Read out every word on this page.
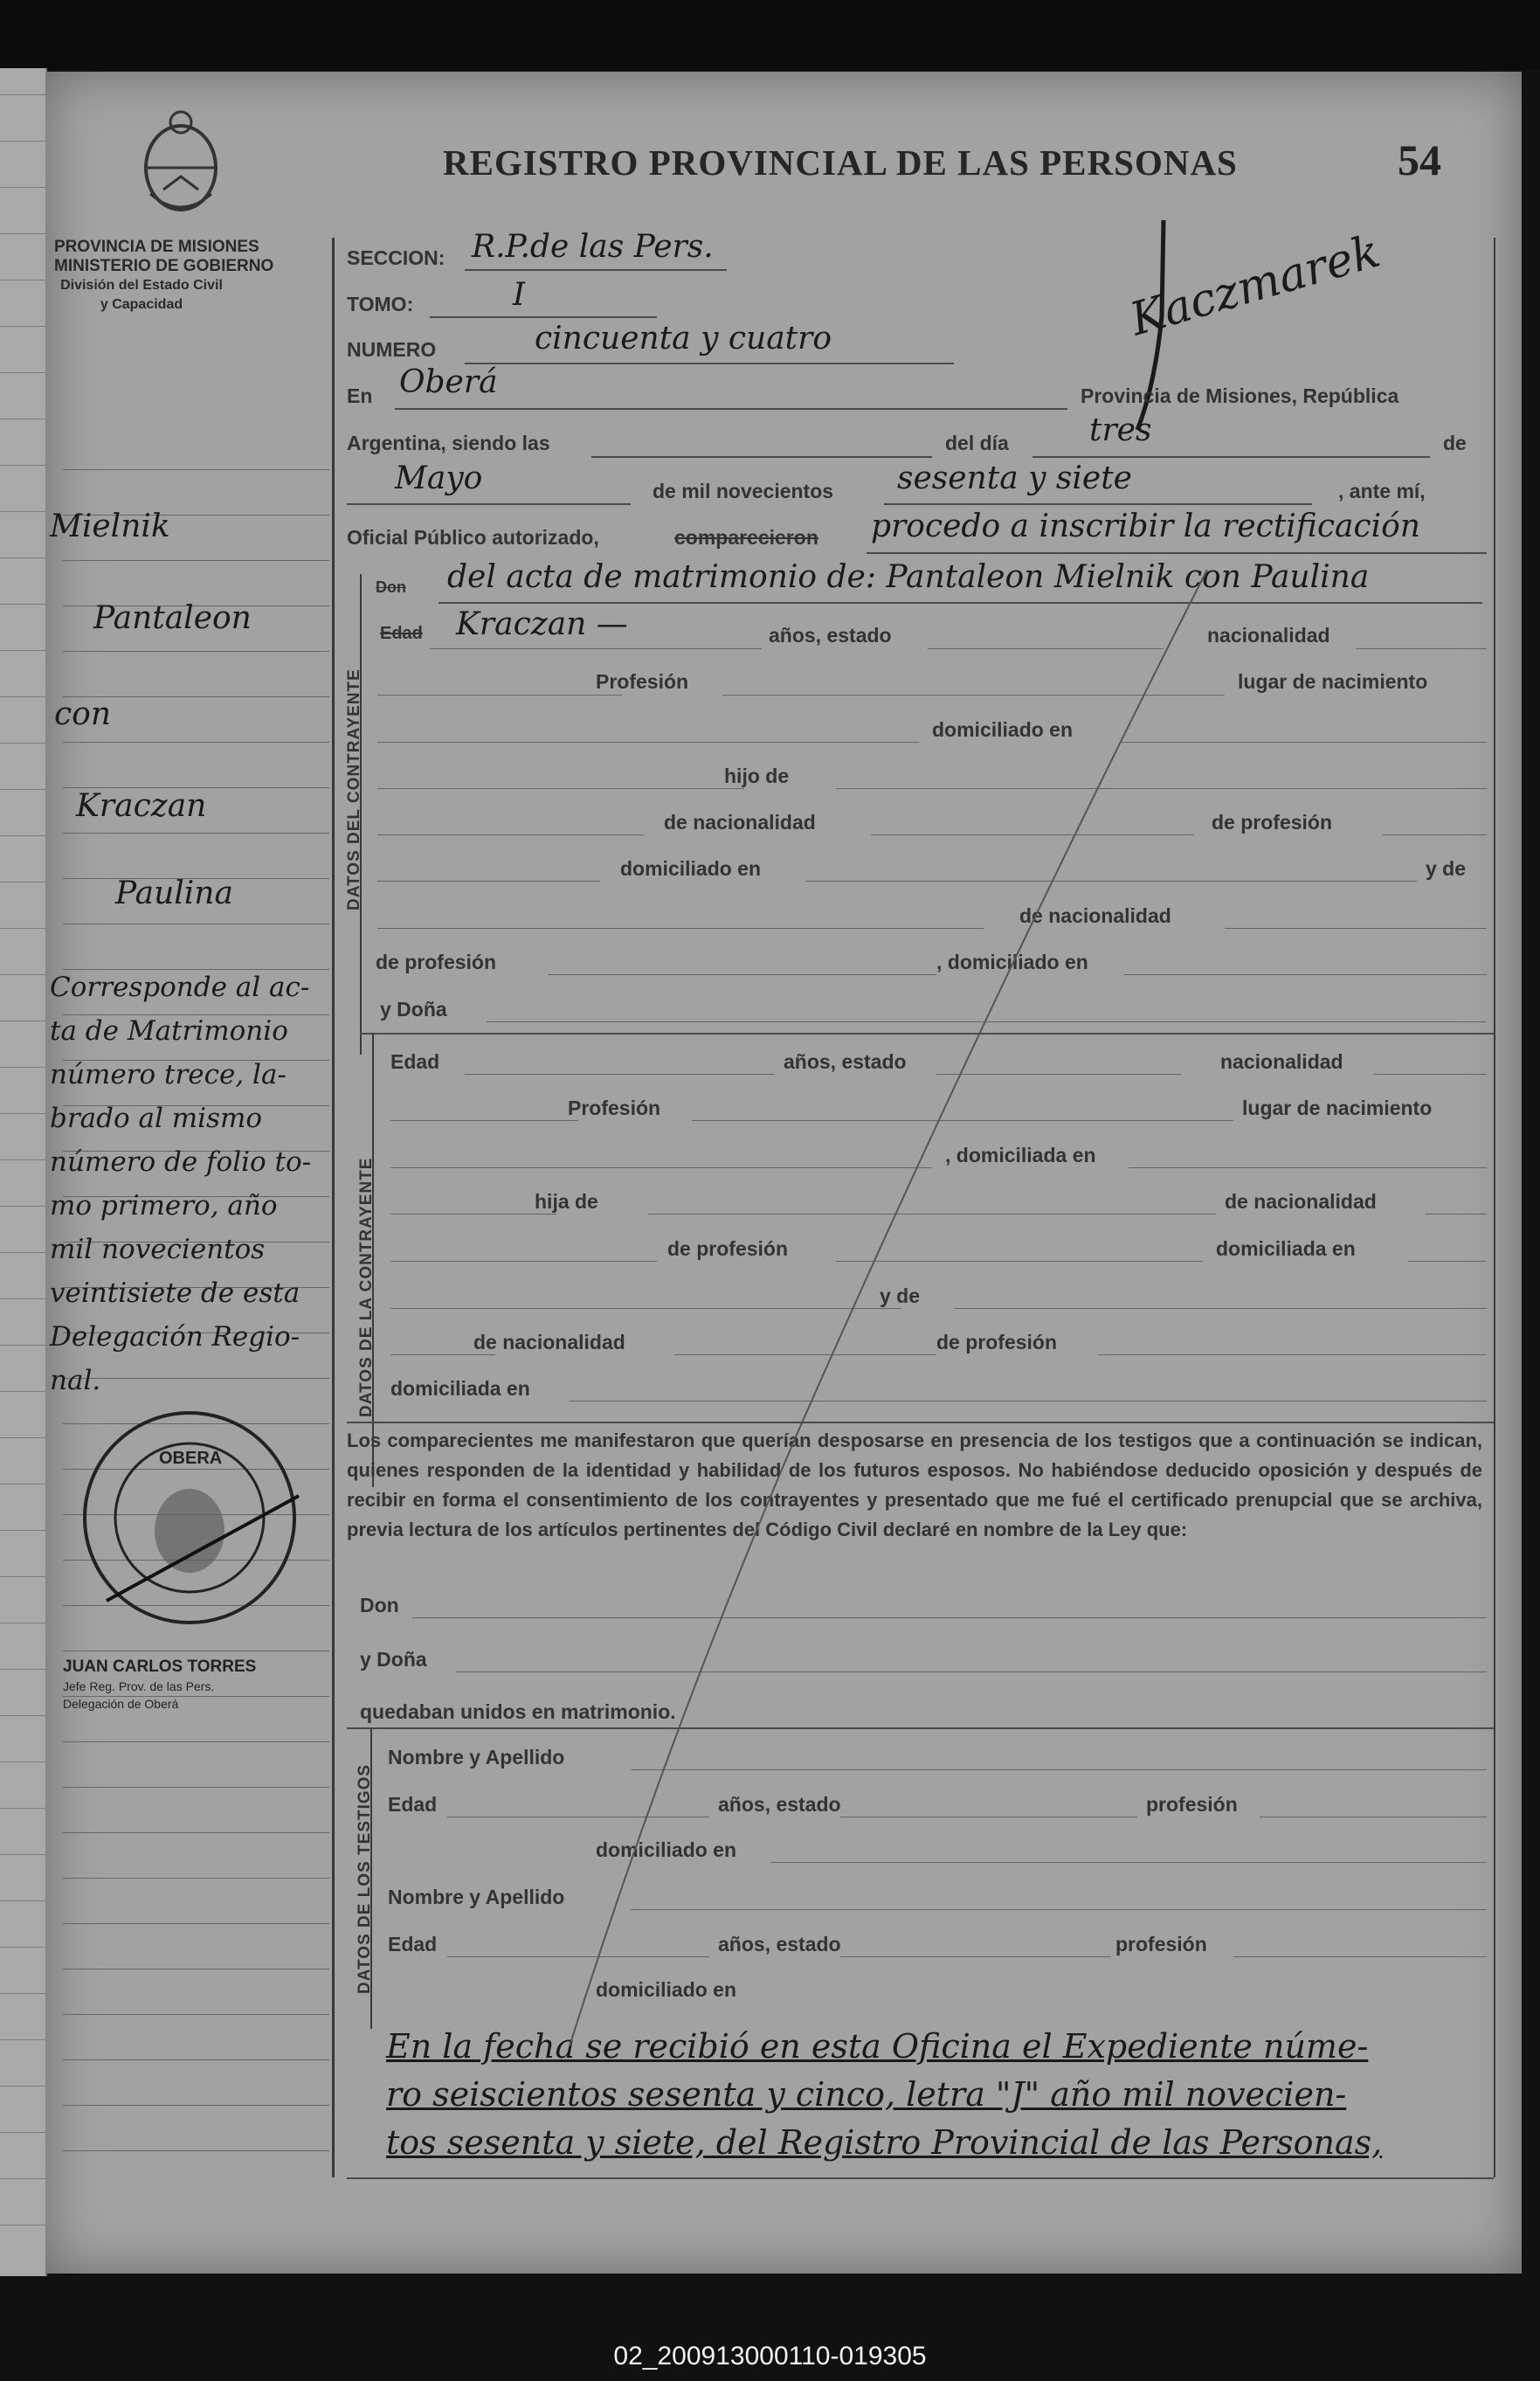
REGISTRO PROVINCIAL DE LAS PERSONAS	54
PROVINCIA DE MISIONES
MINISTERIO DE GOBIERNO
División del Estado Civil
y Capacidad
Mielnik
Pantaleon
con
Kraczan
Paulina
Corresponde al ac-
ta de Matrimonio
número trece, la-
brado al mismo
número de folio to-
mo primero, año
mil novecientos
veintisiete de esta
Delegación Regio-
nal.
OBERA
JUAN CARLOS TORRES
Jefe Reg. Prov. de las Pers.
Delegación de Oberá
SECCION: R.P.de las Pers.
TOMO:	I
NUMERO	cincuenta y cuatro	Kaczmarek
En Oberá	Provincia de Misiones, República
Argentina, siendo las	del día	tres	de
Mayo	de mil novecientos sesenta y siete	, ante mí,
Oficial Público autorizado,	comparecieron procedo a inscribir la rectificación
DATOS DEL CONTRAYENTE
Don del acta de matrimonio de: Pantaleon Mielnik con Paulina
Edad Kraczan —	años, estado	nacionalidad
Profesión	lugar de nacimiento
domiciliado en
hijo de
de nacionalidad	de profesión
domiciliado en	y de
de nacionalidad
de profesión	, domiciliado en
y Doña
DATOS DE LA CONTRAYENTE
Edad	años, estado	nacionalidad
Profesión	lugar de nacimiento
, domiciliada en
hija de	de nacionalidad
de profesión	domiciliada en
y de
de nacionalidad	de profesión
domiciliada en
Los comparecientes me manifestaron que querían desposarse en presencia de los testigos que a continuación se indican, quienes responden de la identidad y habilidad de los futuros esposos. No habiéndose deducido oposición y después de recibir en forma el consentimiento de los contrayentes y presentado que me fué el certificado prenupcial que se archiva, previa lectura de los artículos pertinentes del Código Civil declaré en nombre de la Ley que:
Don
y Doña
quedaban unidos en matrimonio.
DATOS DE LOS TESTIGOS
Nombre y Apellido
Edad	años, estado	profesión
domiciliado en
Nombre y Apellido
Edad	años, estado	profesión
domiciliado en
En la fecha se recibió en esta Oficina el Expediente núme-
ro seiscientos sesenta y cinco, letra "J" año mil novecien-
tos sesenta y siete, del Registro Provincial de las Personas,
02_200913000110-019305
